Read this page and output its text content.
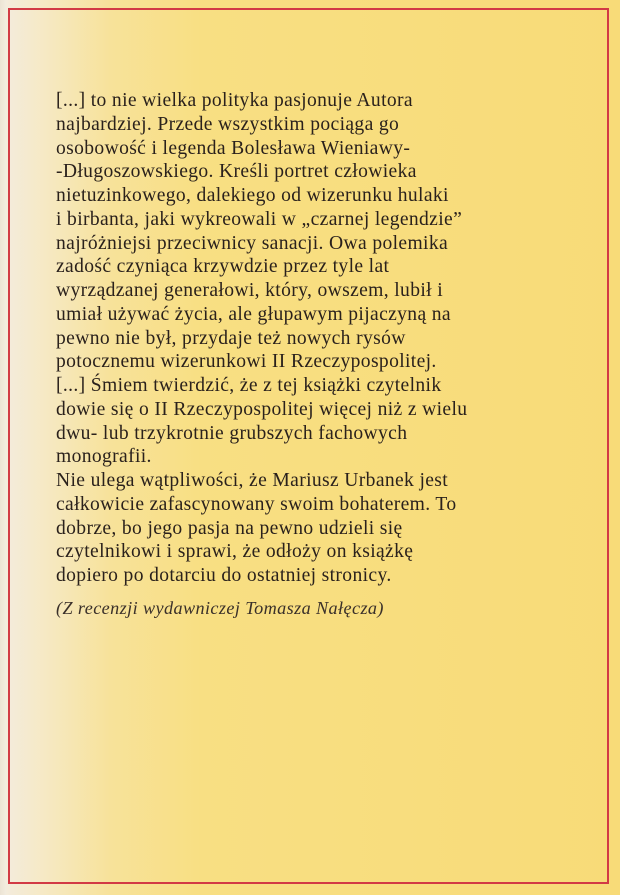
[...] to nie wielka polityka pasjonuje Autora
najbardziej. Przede wszystkim pociąga go
osobowość i legenda Bolesława Wieniawy-
-Długoszowskiego. Kreśli portret człowieka
nietuzinkowego, dalekiego od wizerunku hulaki
i birbanta, jaki wykreowali w „czarnej legendzie”
najróżniejsi przeciwnicy sanacji. Owa polemika
zadość czyniąca krzywdzie przez tyle lat
wyrządzanej generałowi, który, owszem, lubił i
umiał używać życia, ale głupawym pijaczyną na
pewno nie był, przydaje też nowych rysów
potocznemu wizerunkowi II Rzeczypospolitej.
[...] Śmiem twierdzić, że z tej książki czytelnik
dowie się o II Rzeczypospolitej więcej niż z wielu
dwu- lub trzykrotnie grubszych fachowych
monografii.
Nie ulega wątpliwości, że Mariusz Urbanek jest
całkowicie zafascynowany swoim bohaterem. To
dobrze, bo jego pasja na pewno udzieli się
czytelnikowi i sprawi, że odłoży on książkę
dopiero po dotarciu do ostatniej stronicy.

(Z recenzji wydawniczej Tomasza Nałęcza)
